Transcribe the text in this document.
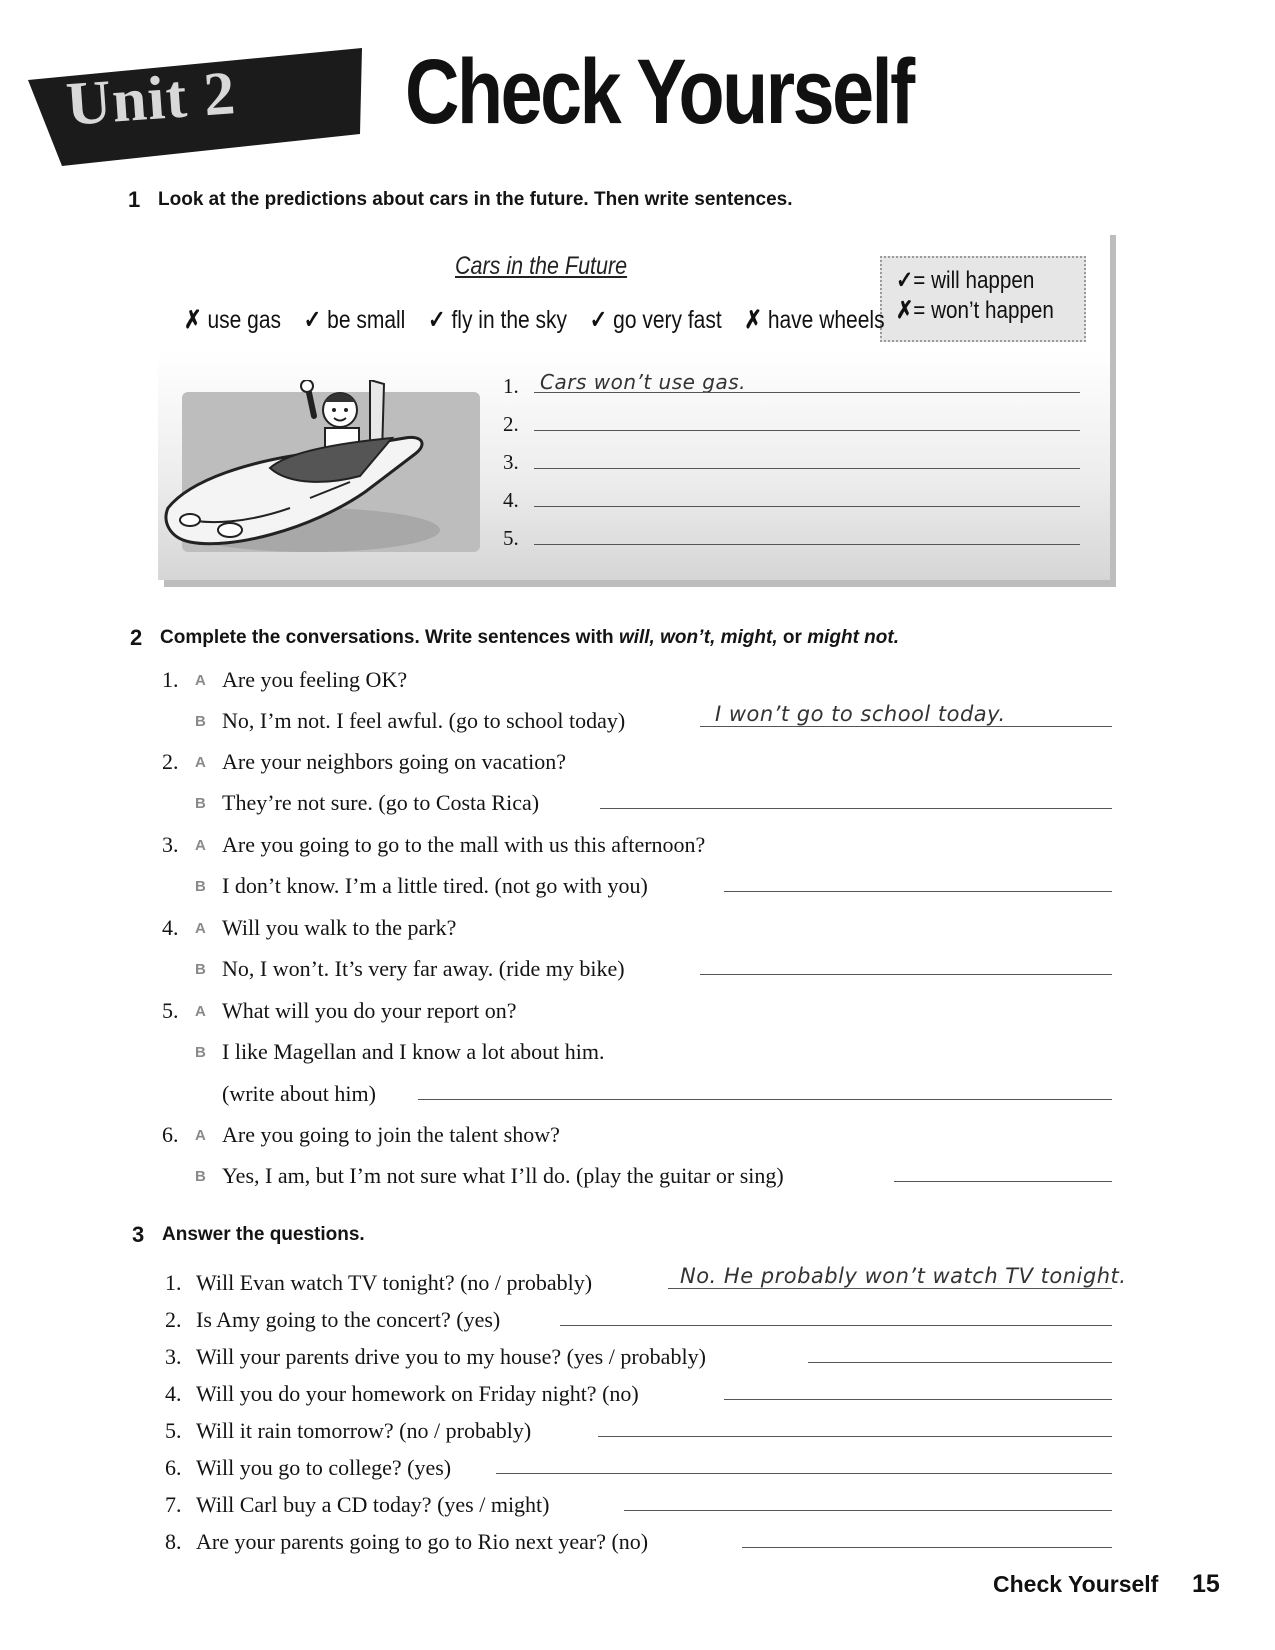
Unit 2 Check Yourself
1 Look at the predictions about cars in the future. Then write sentences.
Cars in the Future
✓= will happen
✗= won’t happen
✗ use gas ✓ be small ✓ fly in the sky ✓ go very fast ✗ have wheels
1. Cars won’t use gas.
2.
3.
4.
5.
2 Complete the conversations. Write sentences with will, won’t, might, or might not.
1. A Are you feeling OK?
B No, I’m not. I feel awful. (go to school today)	I won’t go to school today.
2. A Are your neighbors going on vacation?
B They’re not sure. (go to Costa Rica)
3. A Are you going to go to the mall with us this afternoon?
B I don’t know. I’m a little tired. (not go with you)
4. A Will you walk to the park?
B No, I won’t. It’s very far away. (ride my bike)
5. A What will you do your report on?
B I like Magellan and I know a lot about him.
(write about him)
6. A Are you going to join the talent show?
B Yes, I am, but I’m not sure what I’ll do. (play the guitar or sing)
3 Answer the questions.
1. Will Evan watch TV tonight? (no / probably)	No. He probably won’t watch TV tonight.
2. Is Amy going to the concert? (yes)
3. Will your parents drive you to my house? (yes / probably)
4. Will you do your homework on Friday night? (no)
5. Will it rain tomorrow? (no / probably)
6. Will you go to college? (yes)
7. Will Carl buy a CD today? (yes / might)
8. Are your parents going to go to Rio next year? (no)
Check Yourself 15
